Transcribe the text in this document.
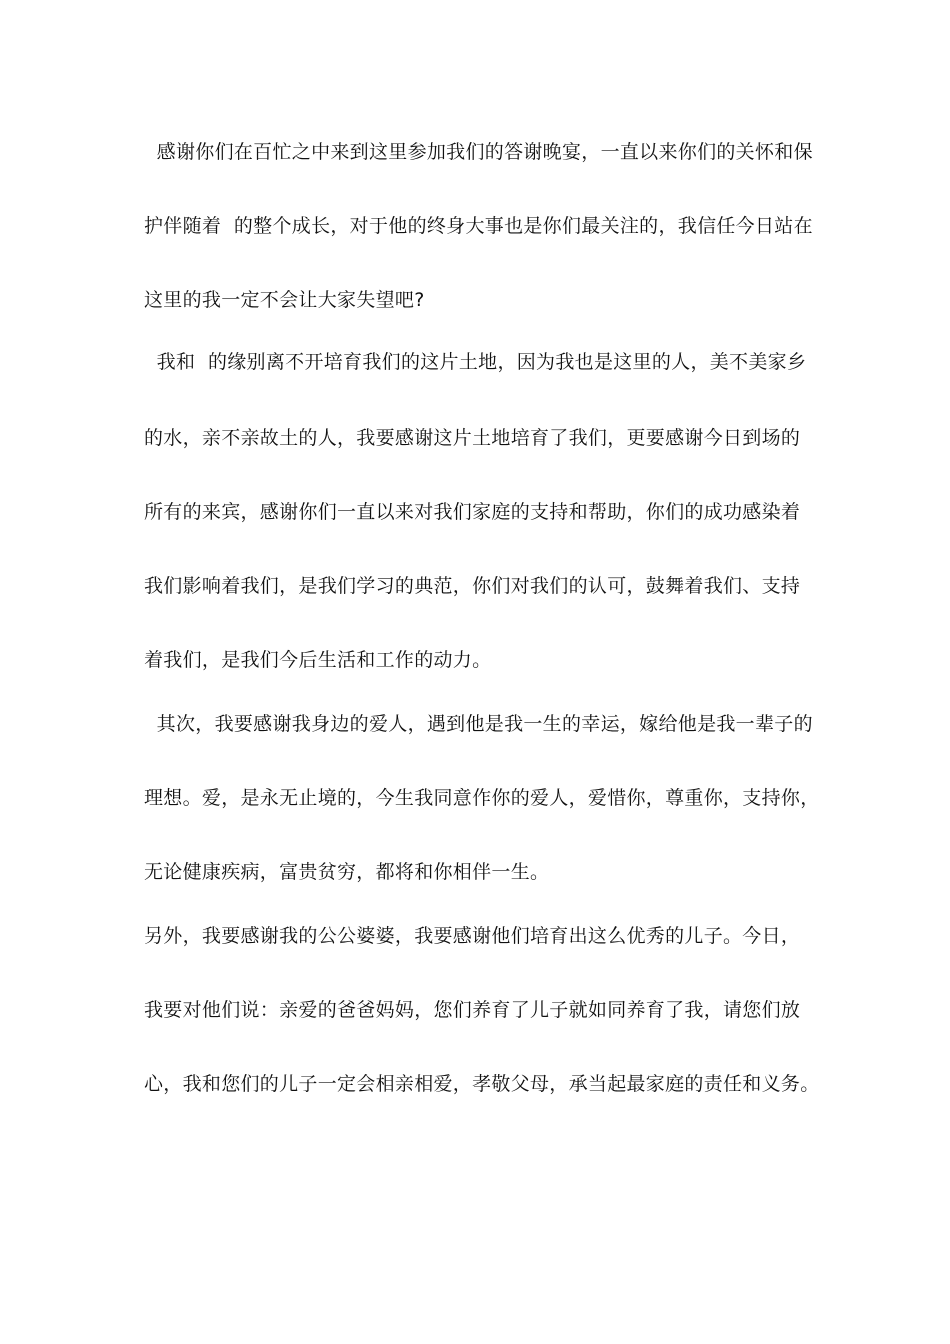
感谢你们在百忙之中来到这里参加我们的答谢晚宴，一直以来你们的关怀和保
护伴随着  的整个成长，对于他的终身大事也是你们最关注的，我信任今日站在
这里的我一定不会让大家失望吧?
我和  的缘别离不开培育我们的这片土地，因为我也是这里的人，美不美家乡
的水，亲不亲故土的人，我要感谢这片土地培育了我们，更要感谢今日到场的
所有的来宾，感谢你们一直以来对我们家庭的支持和帮助，你们的成功感染着
我们影响着我们，是我们学习的典范，你们对我们的认可，鼓舞着我们、支持
着我们，是我们今后生活和工作的动力。
其次，我要感谢我身边的爱人，遇到他是我一生的幸运，嫁给他是我一辈子的
理想。爱，是永无止境的，今生我同意作你的爱人，爱惜你，尊重你，支持你，
无论健康疾病，富贵贫穷，都将和你相伴一生。
另外，我要感谢我的公公婆婆，我要感谢他们培育出这么优秀的儿子。今日，
我要对他们说：亲爱的爸爸妈妈，您们养育了儿子就如同养育了我，请您们放
心，我和您们的儿子一定会相亲相爱，孝敬父母，承当起最家庭的责任和义务。
